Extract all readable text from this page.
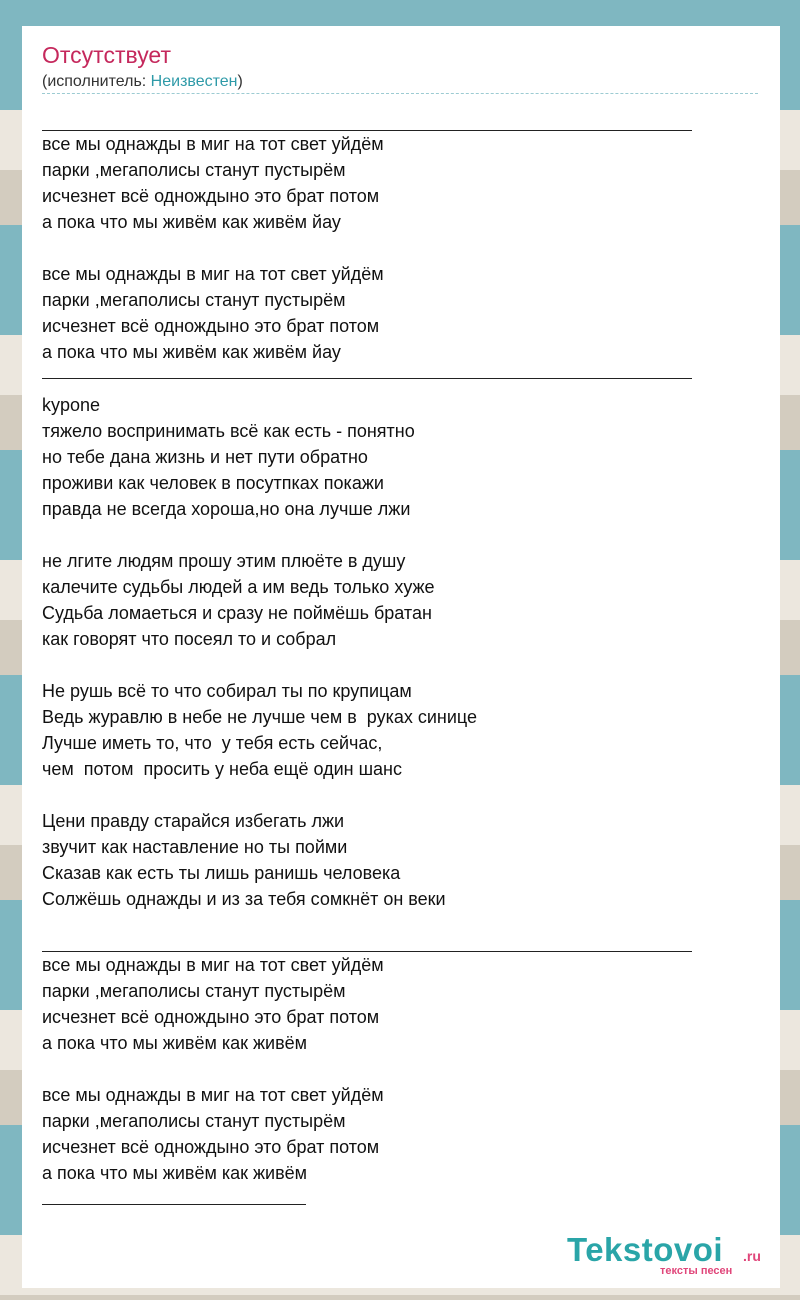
Отсутствует
(исполнитель: Неизвестен)
все мы однажды в миг на тот свет уйдём
парки ,мегаполисы станут пустырём
исчезнет всё однождыно это брат потом
а пока что мы живём как живём йау
все мы однажды в миг на тот свет уйдём
парки ,мегаполисы станут пустырём
исчезнет всё однождыно это брат потом
а пока что мы живём как живём йау
kypone
тяжело воспринимать всё как есть - понятно
но тебе дана жизнь и нет пути обратно
проживи как человек в посутпках покажи
правда не всегда хороша,но она лучше лжи
не лгите людям прошу этим плюёте в душу
калечите судьбы людей а им ведь только хуже
Судьба ломаеться и сразу не поймёшь братан
как говорят что посеял то и собрал
Не рушь всё то что собирал ты по крупицам
Ведь журавлю в небе не лучше чем в  руках синице
Лучше иметь то, что  у тебя есть сейчас,
чем  потом  просить у неба ещё один шанс
Цени правду старайся избегать лжи
звучит как наставление но ты пойми
Сказав как есть ты лишь ранишь человека
Солжёшь однажды и из за тебя сомкнёт он веки
все мы однажды в миг на тот свет уйдём
парки ,мегаполисы станут пустырём
исчезнет всё однождыно это брат потом
а пока что мы живём как живём
все мы однажды в миг на тот свет уйдём
парки ,мегаполисы станут пустырём
исчезнет всё однождыно это брат потом
а пока что мы живём как живём
Tekstovoi .ru
тексты песен
